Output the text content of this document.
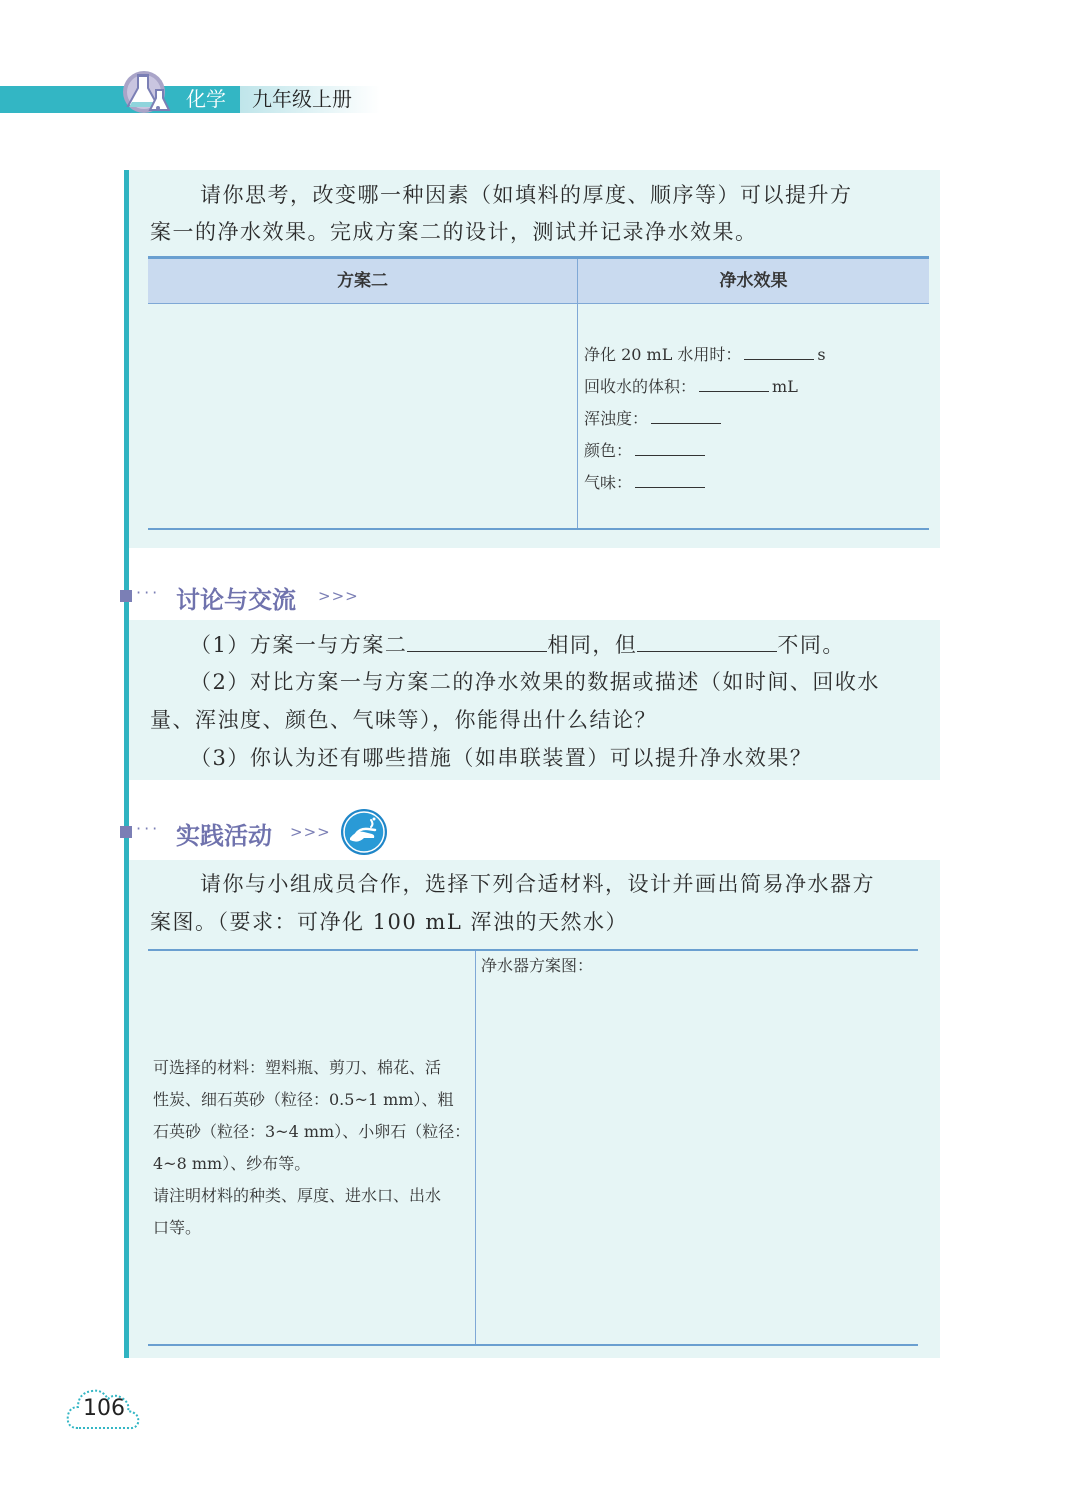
化学 九年级上册
请你思考，改变哪一种因素（如填料的厚度、顺序等）可以提升方
案一的净水效果。完成方案二的设计，测试并记录净水效果。
方案二	净水效果
净化 20 mL 水用时：	s
回收水的体积：	mL
浑浊度：
颜色：
气味：
··· 讨论与交流 >>>
（1）方案一与方案二	相同，但	不同。
（2）对比方案一与方案二的净水效果的数据或描述（如时间、回收水
量、浑浊度、颜色、气味等），你能得出什么结论？
（3）你认为还有哪些措施（如串联装置）可以提升净水效果？
··· 实践活动 >>>
请你与小组成员合作，选择下列合适材料，设计并画出简易净水器方
案图。（要求：可净化 100 mL 浑浊的天然水）
可选择的材料：塑料瓶、剪刀、棉花、活
性炭、细石英砂（粒径：0.5~1 mm）、粗
石英砂（粒径：3~4 mm）、小卵石（粒径：
4~8 mm）、纱布等。
请注明材料的种类、厚度、进水口、出水
口等。
净水器方案图：
106
